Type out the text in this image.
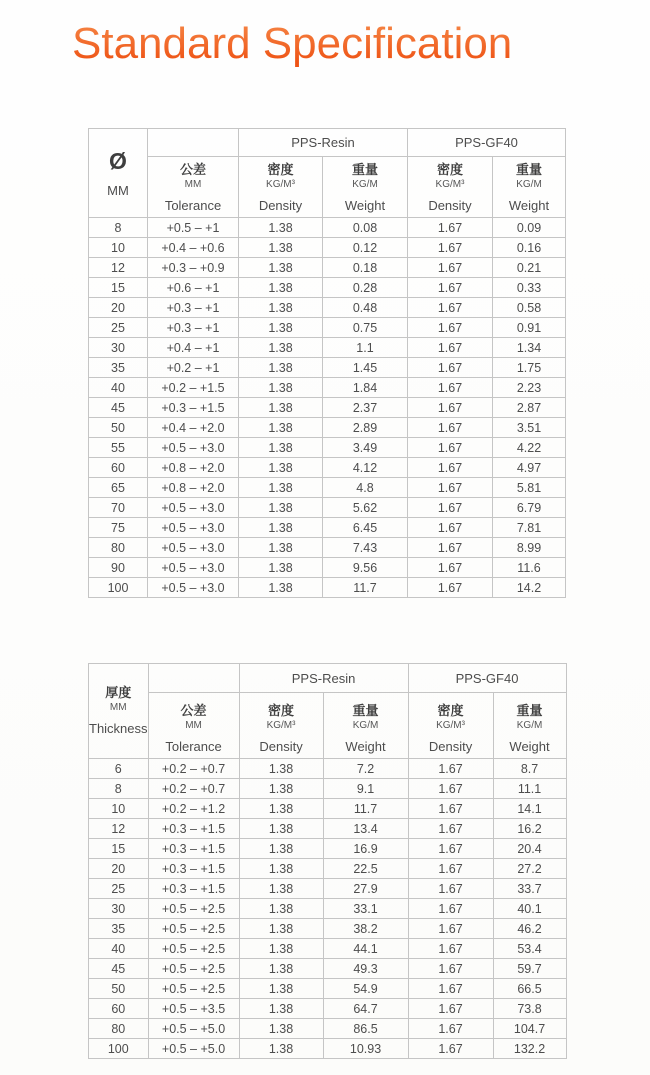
Standard Specification
Ø
MM		PPS-Resin		PPS-GF40	

公差
MM
Tolerance

密度
KG/M³
Density

重量
KG/M
Weight

密度
KG/M³
Density

重量
KG/M
Weight

8	+0.5 – +1	1.38	0.08	1.67	0.09
10	+0.4 – +0.6	1.38	0.12	1.67	0.16
12	+0.3 – +0.9	1.38	0.18	1.67	0.21
15	+0.6 – +1	1.38	0.28	1.67	0.33
20	+0.3 – +1	1.38	0.48	1.67	0.58
25	+0.3 – +1	1.38	0.75	1.67	0.91
30	+0.4 – +1	1.38	1.1	1.67	1.34
35	+0.2 – +1	1.38	1.45	1.67	1.75
40	+0.2 – +1.5	1.38	1.84	1.67	2.23
45	+0.3 – +1.5	1.38	2.37	1.67	2.87
50	+0.4 – +2.0	1.38	2.89	1.67	3.51
55	+0.5 – +3.0	1.38	3.49	1.67	4.22
60	+0.8 – +2.0	1.38	4.12	1.67	4.97
65	+0.8 – +2.0	1.38	4.8	1.67	5.81
70	+0.5 – +3.0	1.38	5.62	1.67	6.79
75	+0.5 – +3.0	1.38	6.45	1.67	7.81
80	+0.5 – +3.0	1.38	7.43	1.67	8.99
90	+0.5 – +3.0	1.38	9.56	1.67	11.6
100	+0.5 – +3.0	1.38	11.7	1.67	14.2
厚度
MM
Thickness		PPS-Resin		PPS-GF40	

公差
MM
Tolerance

密度
KG/M³
Density

重量
KG/M
Weight

密度
KG/M³
Density

重量
KG/M
Weight

6	+0.2 – +0.7	1.38	7.2	1.67	8.7
8	+0.2 – +0.7	1.38	9.1	1.67	11.1
10	+0.2 – +1.2	1.38	11.7	1.67	14.1
12	+0.3 – +1.5	1.38	13.4	1.67	16.2
15	+0.3 – +1.5	1.38	16.9	1.67	20.4
20	+0.3 – +1.5	1.38	22.5	1.67	27.2
25	+0.3 – +1.5	1.38	27.9	1.67	33.7
30	+0.5 – +2.5	1.38	33.1	1.67	40.1
35	+0.5 – +2.5	1.38	38.2	1.67	46.2
40	+0.5 – +2.5	1.38	44.1	1.67	53.4
45	+0.5 – +2.5	1.38	49.3	1.67	59.7
50	+0.5 – +2.5	1.38	54.9	1.67	66.5
60	+0.5 – +3.5	1.38	64.7	1.67	73.8
80	+0.5 – +5.0	1.38	86.5	1.67	104.7
100	+0.5 – +5.0	1.38	10.93	1.67	132.2
